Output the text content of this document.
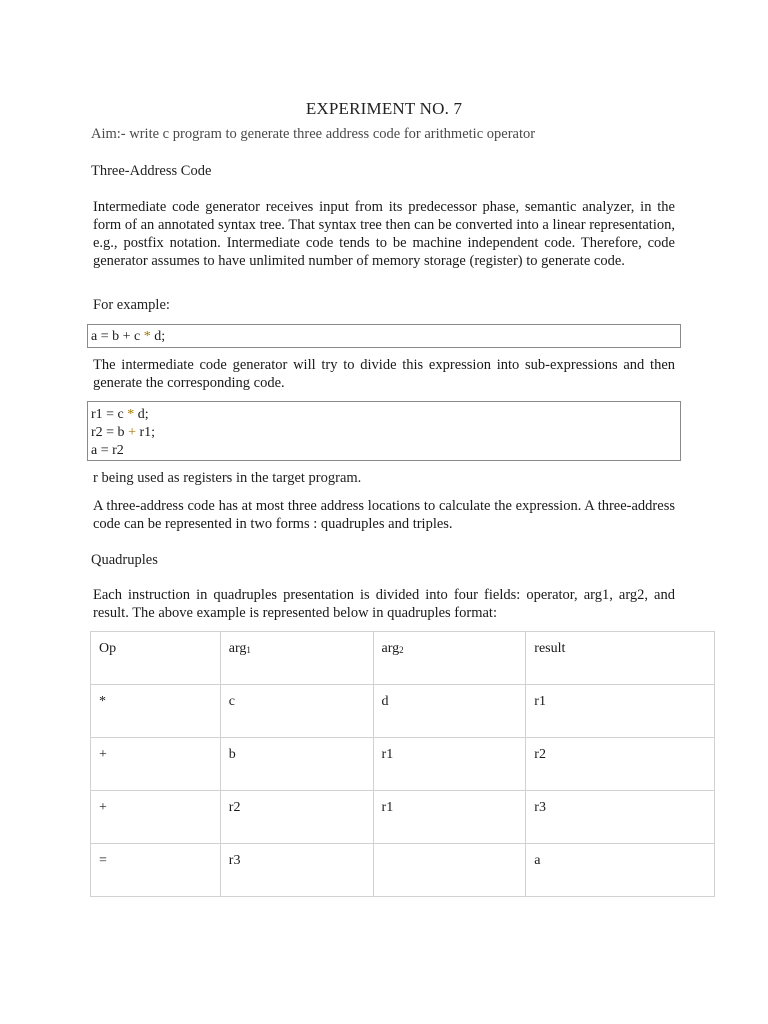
EXPERIMENT NO. 7
Aim:- write c program to generate three address code for arithmetic operator
Three-Address Code
Intermediate code generator receives input from its predecessor phase, semantic analyzer, in the form of an annotated syntax tree. That syntax tree then can be converted into a linear representation, e.g., postfix notation. Intermediate code tends to be machine independent code. Therefore, code generator assumes to have unlimited number of memory storage (register) to generate code.
For example:
a = b + c * d;
The intermediate code generator will try to divide this expression into sub-expressions and then generate the corresponding code.
r1 = c * d;
r2 = b + r1;
a = r2
r being used as registers in the target program.
A three-address code has at most three address locations to calculate the expression. A three-address code can be represented in two forms : quadruples and triples.
Quadruples
Each instruction in quadruples presentation is divided into four fields: operator, arg1, arg2, and result. The above example is represented below in quadruples format:
Op	arg$_1$	arg$_2$	result
*	c	d	r1
+	b	r1	r2
+	r2	r1	r3
=	r3		a
